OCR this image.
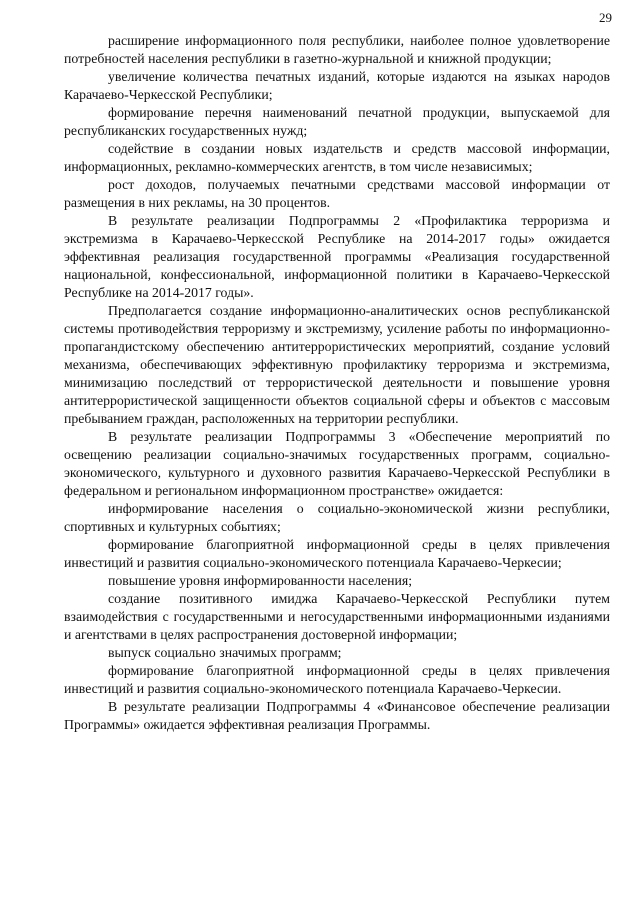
29

расширение информационного поля республики, наиболее полное удовлетворение потребностей населения республики в газетно-журнальной и книжной продукции;

увеличение количества печатных изданий, которые издаются на языках народов Карачаево-Черкесской Республики;

формирование перечня наименований печатной продукции, выпускаемой для республиканских государственных нужд;

содействие в создании новых издательств и средств массовой информации, информационных, рекламно-коммерческих агентств, в том числе независимых;

рост доходов, получаемых печатными средствами массовой информации от размещения в них рекламы, на 30 процентов.

В результате реализации Подпрограммы 2 «Профилактика терроризма и экстремизма в Карачаево-Черкесской Республике на 2014-2017 годы» ожидается эффективная реализация государственной программы «Реализация государственной национальной, конфессиональной, информационной политики в Карачаево-Черкесской Республике на 2014-2017 годы».

Предполагается создание информационно-аналитических основ республиканской системы противодействия терроризму и экстремизму, усиление работы по информационно-пропагандистскому обеспечению антитеррористических мероприятий, создание условий механизма, обеспечивающих эффективную профилактику терроризма и экстремизма, минимизацию последствий от террористической деятельности и повышение уровня антитеррористической защищенности объектов социальной сферы и объектов с массовым пребыванием граждан, расположенных на территории республики.

В результате реализации Подпрограммы 3 «Обеспечение мероприятий по освещению реализации социально-значимых государственных программ, социально-экономического, культурного и духовного развития Карачаево-Черкесской Республики в федеральном и региональном информационном пространстве» ожидается:

информирование населения о социально-экономической жизни республики, спортивных и культурных событиях;

формирование благоприятной информационной среды в целях привлечения инвестиций и развития социально-экономического потенциала Карачаево-Черкесии;

повышение уровня информированности населения;

создание позитивного имиджа Карачаево-Черкесской Республики путем взаимодействия с государственными и негосударственными информационными изданиями и агентствами в целях распространения достоверной информации;

выпуск социально значимых программ;

формирование благоприятной информационной среды в целях привлечения инвестиций и развития социально-экономического потенциала Карачаево-Черкесии.

В результате реализации Подпрограммы 4 «Финансовое обеспечение реализации Программы» ожидается эффективная реализация Программы.
